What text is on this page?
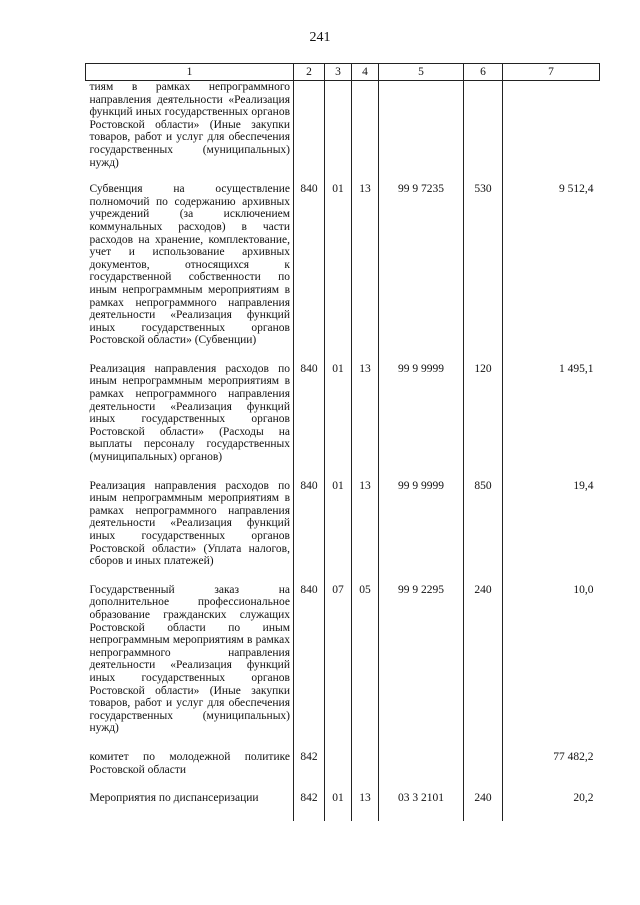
241
1	2	3	4	5	6	7
тиям в рамках непрограммного направления деятельности «Реализация функций иных государственных органов Ростовской области» (Иные закупки товаров, работ и услуг для обеспечения государственных (муниципальных) нужд)						
Субвенция на осуществление полномочий по содержанию архивных учреждений (за исключением коммунальных расходов) в части расходов на хранение, комплектование, учет и использование архивных документов, относящихся к государственной собственности по иным непрограммным мероприятиям в рамках непрограммного направления деятельности «Реализация функций иных государственных органов Ростовской области» (Субвенции)	840	01	13	99 9 7235	530	9 512,4
Реализация направления расходов по иным непрограммным мероприятиям в рамках непрограммного направления деятельности «Реализация функций иных государственных органов Ростовской области» (Расходы на выплаты персоналу государственных (муниципальных) органов)	840	01	13	99 9 9999	120	1 495,1
Реализация направления расходов по иным непрограммным мероприятиям в рамках непрограммного направления деятельности «Реализация функций иных государственных органов Ростовской области» (Уплата налогов, сборов и иных платежей)	840	01	13	99 9 9999	850	19,4
Государственный заказ на дополнительное профессиональное образование гражданских служащих Ростовской области по иным непрограммным мероприятиям в рамках непрограммного направления деятельности «Реализация функций иных государственных органов Ростовской области» (Иные закупки товаров, работ и услуг для обеспечения государственных (муниципальных) нужд)	840	07	05	99 9 2295	240	10,0
комитет по молодежной политике Ростовской области	842					77 482,2
Мероприятия по диспансеризации	842	01	13	03 3 2101	240	20,2
